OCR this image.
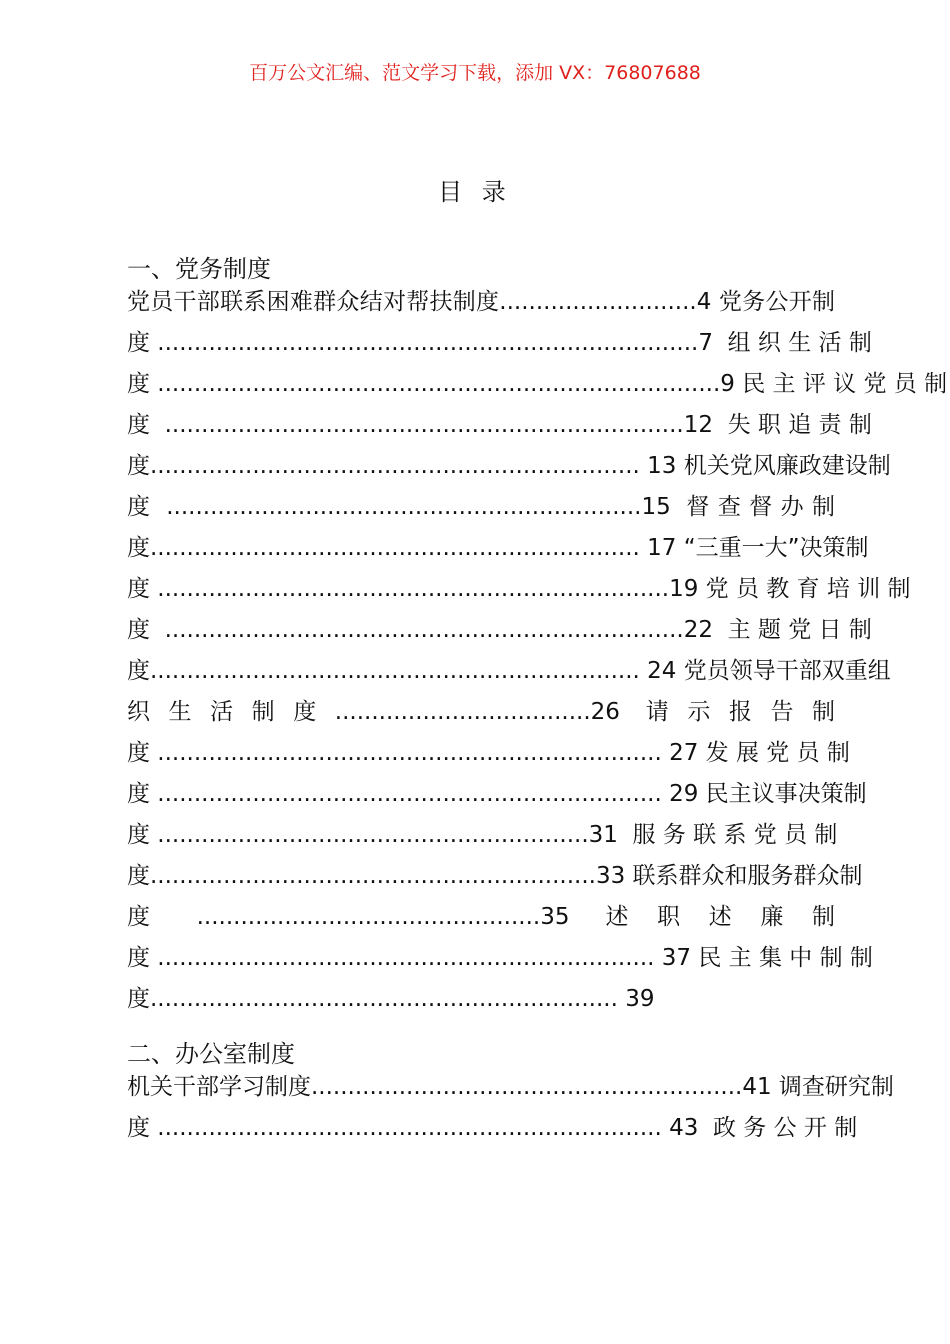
百万公文汇编、范文学习下载，添加 VX：76807688
目 录
一、党务制度
党员干部联系困难群众结对帮扶制度...........................4 党务公开制
度 ..........................................................................7  组 织 生 活 制
度 .............................................................................9 民 主 评 议 党 员 制
度  .......................................................................12  失 职 追 责 制
度................................................................... 13 机关党风廉政建设制
度  .................................................................15  督 查 督 办 制
度................................................................... 17 “三重一大”决策制
度 ......................................................................19 党 员 教 育 培 训 制
度  .......................................................................22  主 题 党 日 制
度................................................................... 24 党员领导干部双重组
织 生 活 制 度 ...................................26  请 示 报 告 制
度 ..................................................................... 27 发 展 党 员 制
度 ..................................................................... 29 民主议事决策制
度 ...........................................................31  服 务 联 系 党 员 制
度.............................................................33 联系群众和服务群众制
度  ...............................................35  述 职 述 廉 制
度 .................................................................... 37 民 主 集 中 制 制
度................................................................ 39
二、办公室制度
机关干部学习制度...........................................................41 调查研究制
度 ..................................................................... 43  政 务 公 开 制
